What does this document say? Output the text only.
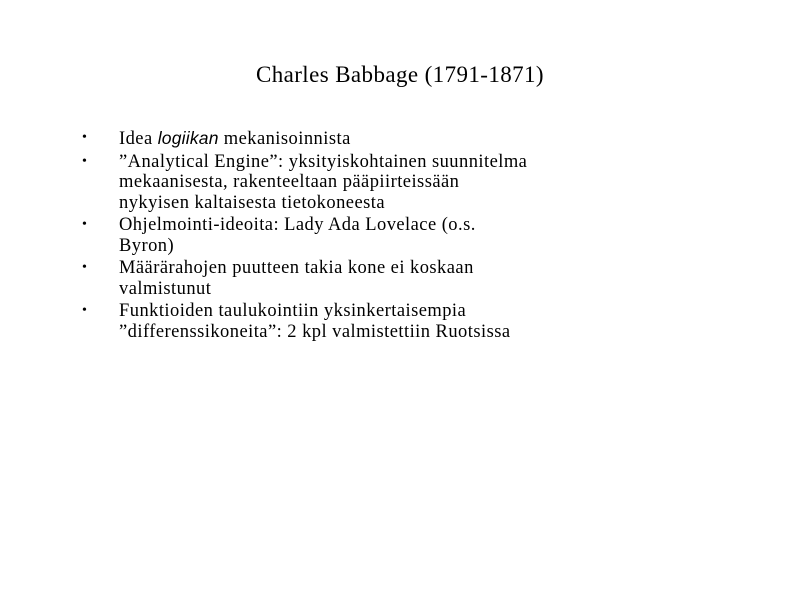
Charles Babbage (1791-1871)
• Idea logiikan mekanisoinnista
• ”Analytical Engine”: yksityiskohtainen suunnitelma
mekaanisesta, rakenteeltaan pääpiirteissään
nykyisen kaltaisesta tietokoneesta
• Ohjelmointi-ideoita: Lady Ada Lovelace (o.s.
Byron)
• Määrärahojen puutteen takia kone ei koskaan
valmistunut
• Funktioiden taulukointiin yksinkertaisempia
”differenssikoneita”: 2 kpl valmistettiin Ruotsissa
